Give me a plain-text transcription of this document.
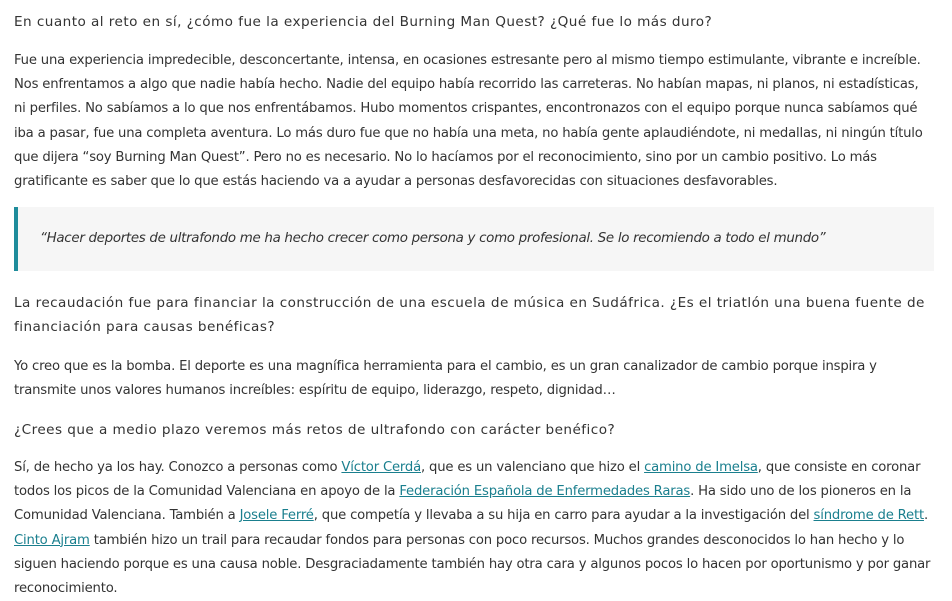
En cuanto al reto en sí, ¿cómo fue la experiencia del Burning Man Quest? ¿Qué fue lo más duro?

Fue una experiencia impredecible, desconcertante, intensa, en ocasiones estresante pero al mismo tiempo estimulante, vibrante e increíble. Nos enfrentamos a algo que nadie había hecho. Nadie del equipo había recorrido las carreteras. No habían mapas, ni planos, ni estadísticas, ni perfiles. No sabíamos a lo que nos enfrentábamos. Hubo momentos crispantes, encontronazos con el equipo porque nunca sabíamos qué iba a pasar, fue una completa aventura. Lo más duro fue que no había una meta, no había gente aplaudiéndote, ni medallas, ni ningún título que dijera “soy Burning Man Quest”. Pero no es necesario. No lo hacíamos por el reconocimiento, sino por un cambio positivo. Lo más gratificante es saber que lo que estás haciendo va a ayudar a personas desfavorecidas con situaciones desfavorables.

“Hacer deportes de ultrafondo me ha hecho crecer como persona y como profesional. Se lo recomiendo a todo el mundo”

La recaudación fue para financiar la construcción de una escuela de música en Sudáfrica. ¿Es el triatlón una buena fuente de financiación para causas benéficas?

Yo creo que es la bomba. El deporte es una magnífica herramienta para el cambio, es un gran canalizador de cambio porque inspira y transmite unos valores humanos increíbles: espíritu de equipo, liderazgo, respeto, dignidad…

¿Crees que a medio plazo veremos más retos de ultrafondo con carácter benéfico?

Sí, de hecho ya los hay. Conozco a personas como Víctor Cerdá, que es un valenciano que hizo el camino de Imelsa, que consiste en coronar todos los picos de la Comunidad Valenciana en apoyo de la Federación Española de Enfermedades Raras. Ha sido uno de los pioneros en la Comunidad Valenciana. También a Josele Ferré, que competía y llevaba a su hija en carro para ayudar a la investigación del síndrome de Rett. Cinto Ajram también hizo un trail para recaudar fondos para personas con poco recursos. Muchos grandes desconocidos lo han hecho y lo siguen haciendo porque es una causa noble. Desgraciadamente también hay otra cara y algunos pocos lo hacen por oportunismo y por ganar reconocimiento.
